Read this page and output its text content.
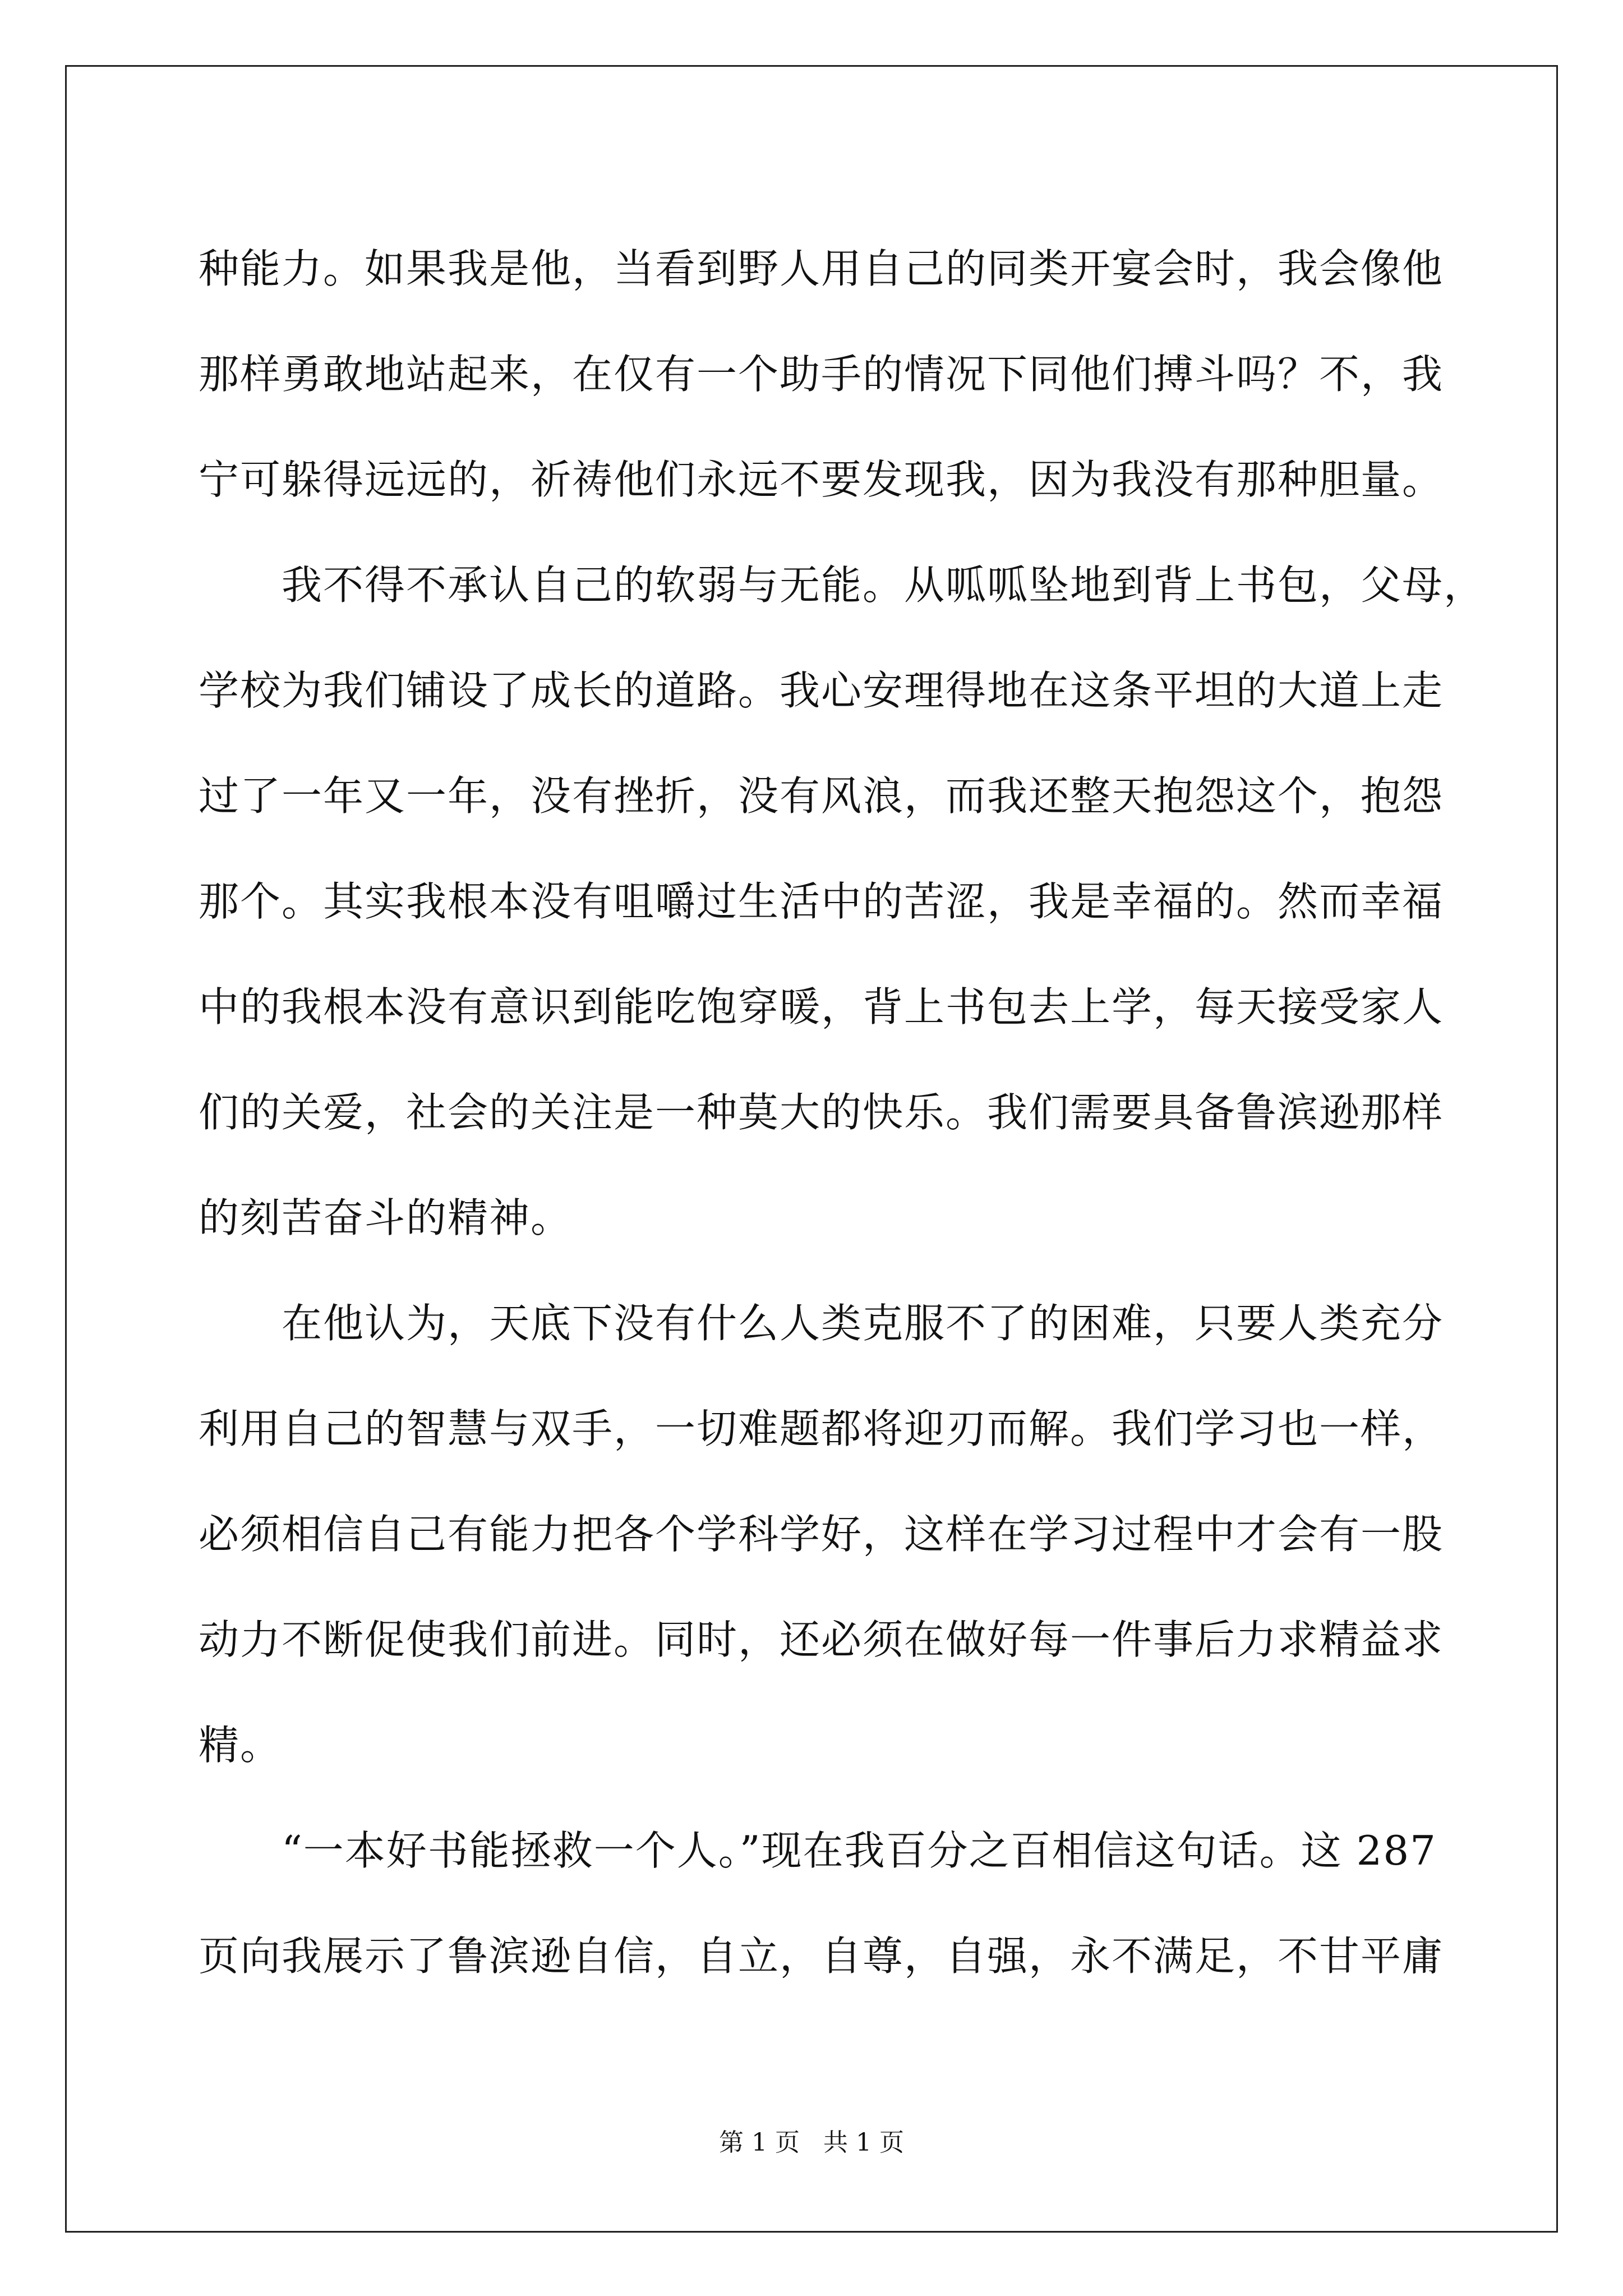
种能力。如果我是他，当看到野人用自己的同类开宴会时，我会像他
那样勇敢地站起来，在仅有一个助手的情况下同他们搏斗吗？不，我
宁可躲得远远的，祈祷他们永远不要发现我，因为我没有那种胆量。
　　我不得不承认自己的软弱与无能。从呱呱坠地到背上书包，父母，
学校为我们铺设了成长的道路。我心安理得地在这条平坦的大道上走
过了一年又一年，没有挫折，没有风浪，而我还整天抱怨这个，抱怨
那个。其实我根本没有咀嚼过生活中的苦涩，我是幸福的。然而幸福
中的我根本没有意识到能吃饱穿暖，背上书包去上学，每天接受家人
们的关爱，社会的关注是一种莫大的快乐。我们需要具备鲁滨逊那样
的刻苦奋斗的精神。
　　在他认为，天底下没有什么人类克服不了的困难，只要人类充分
利用自己的智慧与双手，一切难题都将迎刃而解。我们学习也一样，
必须相信自己有能力把各个学科学好，这样在学习过程中才会有一股
动力不断促使我们前进。同时，还必须在做好每一件事后力求精益求
精。
　　“一本好书能拯救一个人。”现在我百分之百相信这句话。这 287
页向我展示了鲁滨逊自信，自立，自尊，自强，永不满足，不甘平庸
第 1 页 共 1 页
